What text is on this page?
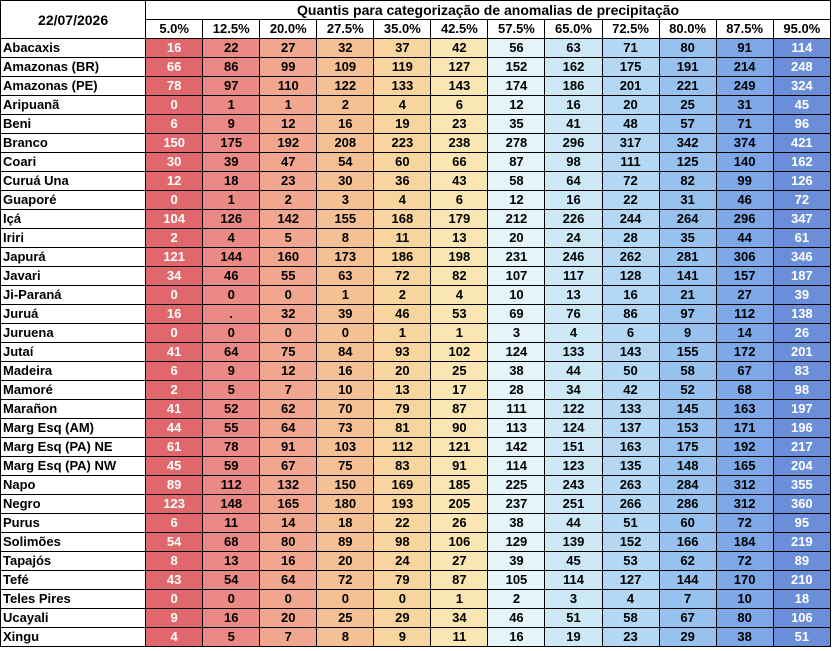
22/07/2026	Quantis para categorização de anomalias de precipitação											
	5.0%	12.5%	20.0%	27.5%	35.0%	42.5%	57.5%	65.0%	72.5%	80.0%	87.5%	95.0%
Abacaxis	16	22	27	32	37	42	56	63	71	80	91	114
Amazonas (BR)	66	86	99	109	119	127	152	162	175	191	214	248
Amazonas (PE)	78	97	110	122	133	143	174	186	201	221	249	324
Aripuanã	0	1	1	2	4	6	12	16	20	25	31	45
Beni	6	9	12	16	19	23	35	41	48	57	71	96
Branco	150	175	192	208	223	238	278	296	317	342	374	421
Coari	30	39	47	54	60	66	87	98	111	125	140	162
Curuá Una	12	18	23	30	36	43	58	64	72	82	99	126
Guaporé	0	1	2	3	4	6	12	16	22	31	46	72
Içá	104	126	142	155	168	179	212	226	244	264	296	347
Iriri	2	4	5	8	11	13	20	24	28	35	44	61
Japurá	121	144	160	173	186	198	231	246	262	281	306	346
Javari	34	46	55	63	72	82	107	117	128	141	157	187
Ji-Paraná	0	0	0	1	2	4	10	13	16	21	27	39
Juruá	16	.	32	39	46	53	69	76	86	97	112	138
Juruena	0	0	0	0	1	1	3	4	6	9	14	26
Jutaí	41	64	75	84	93	102	124	133	143	155	172	201
Madeira	6	9	12	16	20	25	38	44	50	58	67	83
Mamoré	2	5	7	10	13	17	28	34	42	52	68	98
Marañon	41	52	62	70	79	87	111	122	133	145	163	197
Marg Esq (AM)	44	55	64	73	81	90	113	124	137	153	171	196
Marg Esq (PA) NE	61	78	91	103	112	121	142	151	163	175	192	217
Marg Esq (PA) NW	45	59	67	75	83	91	114	123	135	148	165	204
Napo	89	112	132	150	169	185	225	243	263	284	312	355
Negro	123	148	165	180	193	205	237	251	266	286	312	360
Purus	6	11	14	18	22	26	38	44	51	60	72	95
Solimões	54	68	80	89	98	106	129	139	152	166	184	219
Tapajós	8	13	16	20	24	27	39	45	53	62	72	89
Tefé	43	54	64	72	79	87	105	114	127	144	170	210
Teles Pires	0	0	0	0	0	1	2	3	4	7	10	18
Ucayali	9	16	20	25	29	34	46	51	58	67	80	106
Xingu	4	5	7	8	9	11	16	19	23	29	38	51
